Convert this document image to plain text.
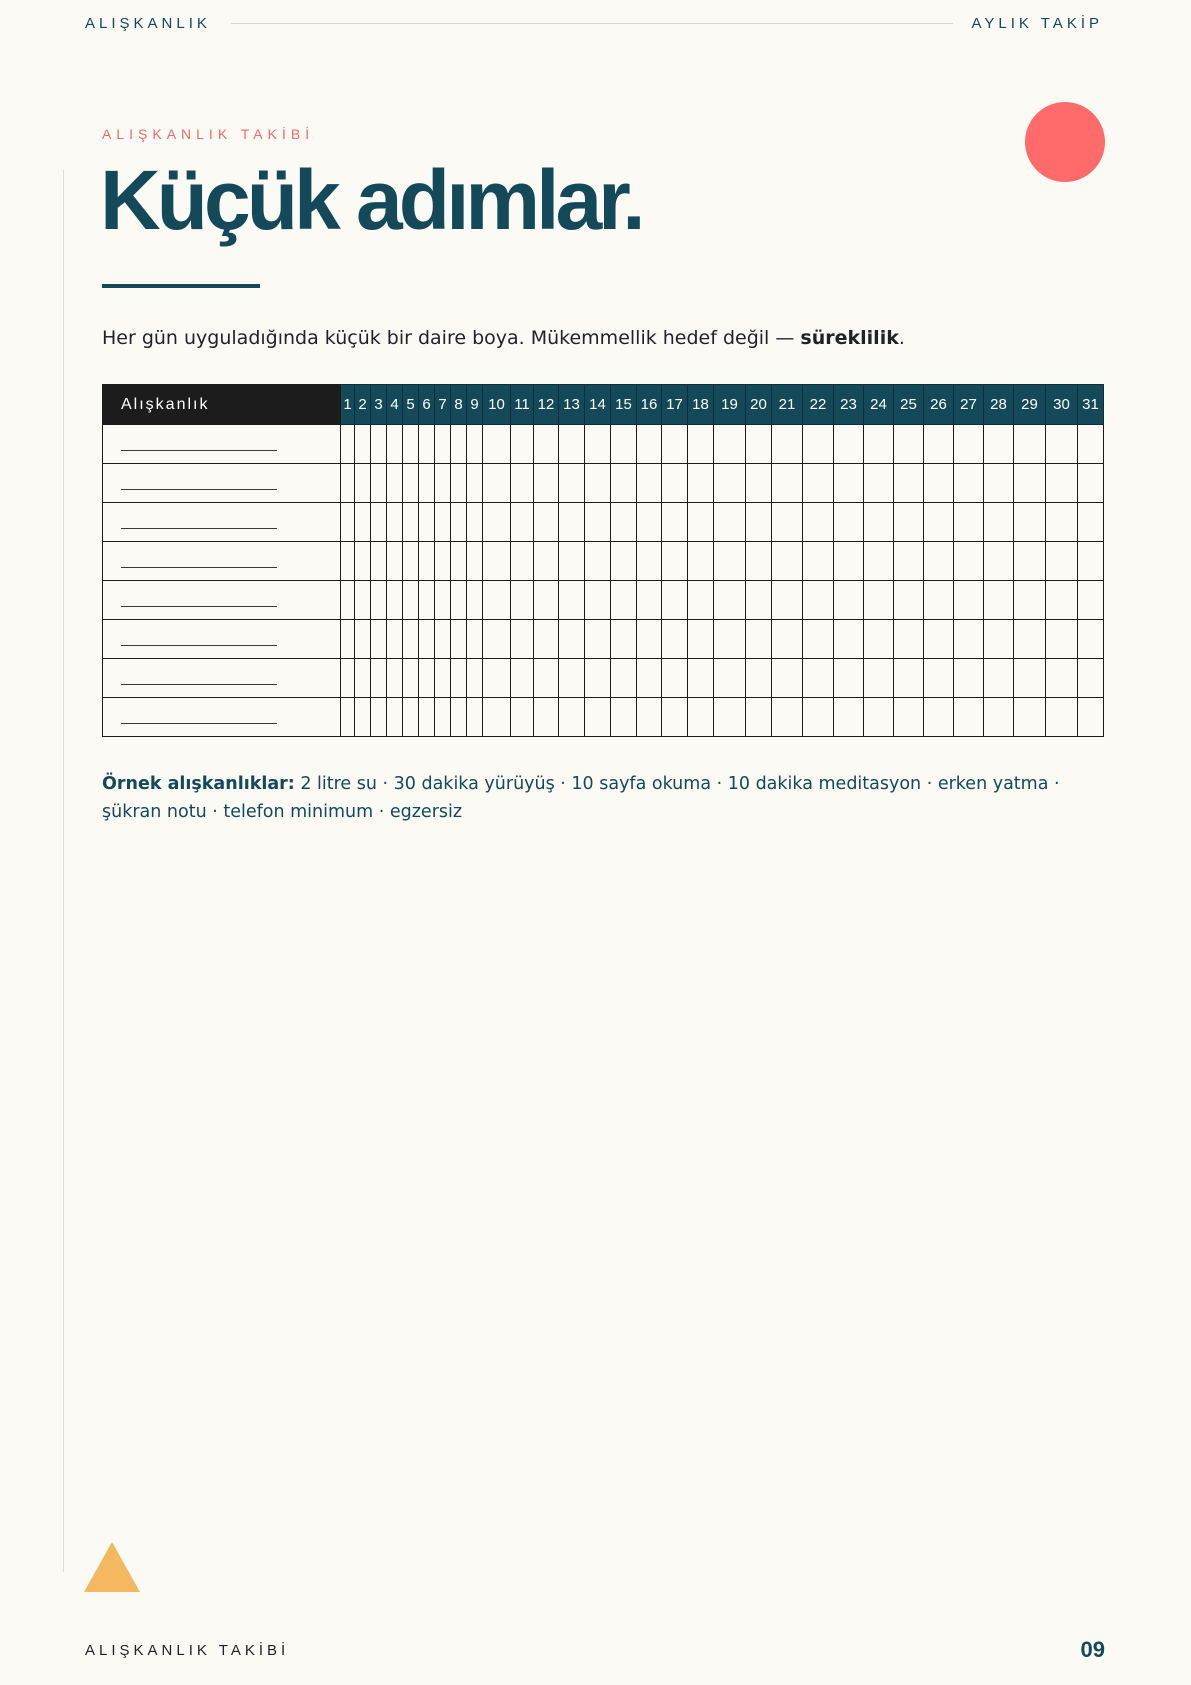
ALIŞKANLIK	AYLIK TAKİP
ALIŞKANLIK TAKİBİ
Küçük adımlar.

Her gün uyguladığında küçük bir daire boya. Mükemmellik hedef değil — süreklilik.

Alışkanlık	1	2	3	4	5	6	7	8	9	10	11	12	13	14	15	16	17	18	19	20	21	22	23	24	25	26	27	28	29	30	31

Örnek alışkanlıklar: 2 litre su · 30 dakika yürüyüş · 10 sayfa okuma · 10 dakika meditasyon · erken yatma · şükran notu · telefon minimum · egzersiz

ALIŞKANLIK TAKİBİ	09
